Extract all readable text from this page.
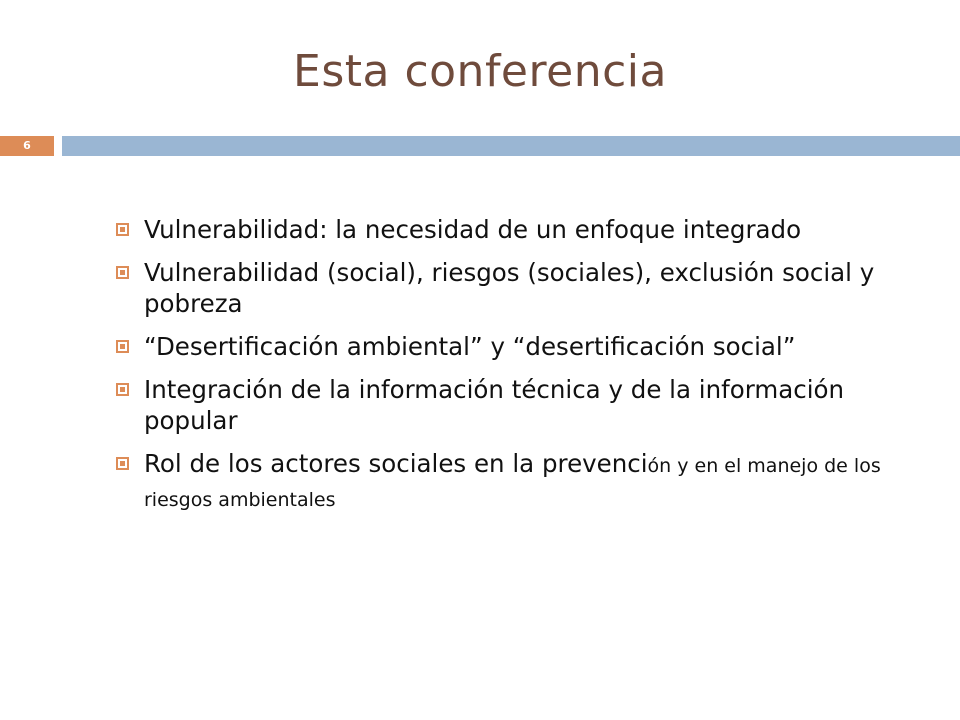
Esta conferencia
6
Vulnerabilidad: la necesidad de un enfoque integrado
Vulnerabilidad (social), riesgos (sociales), exclusión social y pobreza
“Desertificación ambiental” y “desertificación social”
Integración de la información técnica y de la información popular
Rol de los actores sociales en la prevención y en el manejo de los riesgos ambientales
